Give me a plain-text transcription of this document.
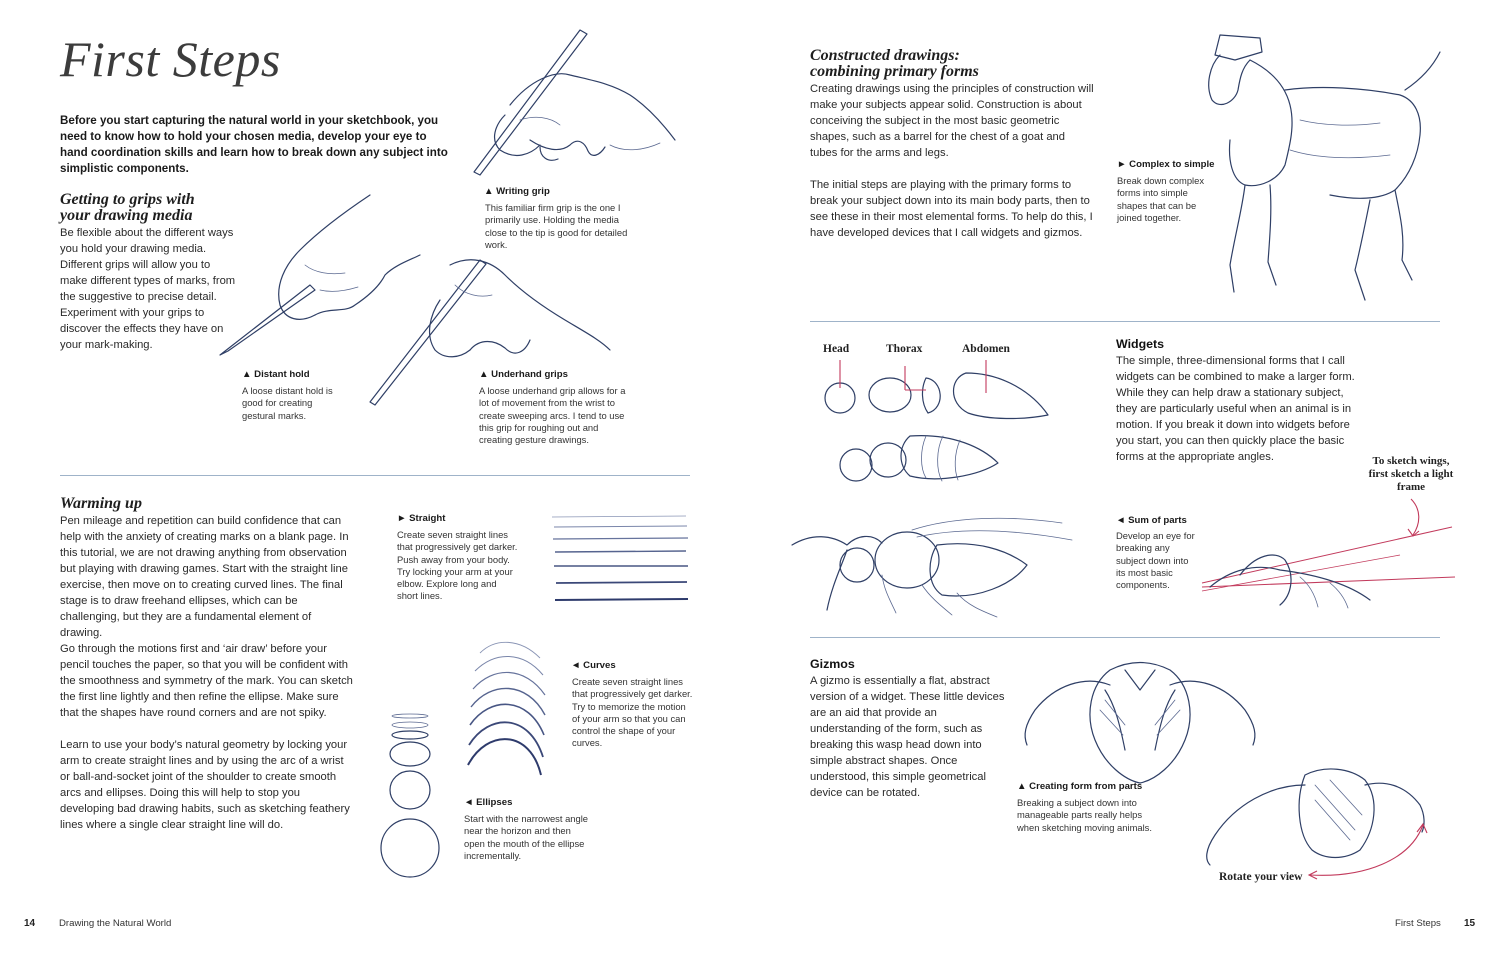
First Steps
Before you start capturing the natural world in your sketchbook, you need to know how to hold your chosen media, develop your eye to hand coordination skills and learn how to break down any subject into simplistic components.
▲ Writing grip
This familiar firm grip is the one I primarily use. Holding the media close to the tip is good for detailed work.
Getting to grips with
your drawing media
Be flexible about the different ways you hold your drawing media. Different grips will allow you to make different types of marks, from the suggestive to precise detail. Experiment with your grips to discover the effects they have on your mark-making.
▲ Distant hold
A loose distant hold is good for creating gestural marks.
▲ Underhand grips
A loose underhand grip allows for a lot of movement from the wrist to create sweeping arcs. I tend to use this grip for roughing out and creating gesture drawings.
Warming up
Pen mileage and repetition can build confidence that can help with the anxiety of creating marks on a blank page. In this tutorial, we are not drawing anything from observation but playing with drawing games. Start with the straight line exercise, then move on to creating curved lines. The final stage is to draw freehand ellipses, which can be challenging, but they are a fundamental element of drawing.
Go through the motions first and ‘air draw’ before your pencil touches the paper, so that you will be confident with the smoothness and symmetry of the mark. You can sketch the first line lightly and then refine the ellipse. Make sure that the shapes have round corners and are not spiky.
Learn to use your body’s natural geometry by locking your arm to create straight lines and by using the arc of a wrist or ball-and-socket joint of the shoulder to create smooth arcs and ellipses. Doing this will help to stop you developing bad drawing habits, such as sketching feathery lines where a single clear straight line will do.
► Straight
Create seven straight lines that progressively get darker. Push away from your body. Try locking your arm at your elbow. Explore long and short lines.
◄ Curves
Create seven straight lines that progressively get darker. Try to memorize the motion of your arm so that you can control the shape of your curves.
◄ Ellipses
Start with the narrowest angle near the horizon and then open the mouth of the ellipse incrementally.
14 Drawing the Natural World
Constructed drawings:
combining primary forms
Creating drawings using the principles of construction will make your subjects appear solid. Construction is about conceiving the subject in the most basic geometric shapes, such as a barrel for the chest of a goat and tubes for the arms and legs.
The initial steps are playing with the primary forms to break your subject down into its main body parts, then to see these in their most elemental forms. To help do this, I have developed devices that I call widgets and gizmos.
► Complex to simple
Break down complex forms into simple shapes that can be joined together.
Head	Thorax	Abdomen	Widgets
The simple, three-dimensional forms that I call widgets can be combined to make a larger form. While they can help draw a stationary subject, they are particularly useful when an animal is in motion. If you break it down into widgets before you start, you can then quickly place the basic forms at the appropriate angles.	To sketch wings, first sketch a light frame
◄ Sum of parts
Develop an eye for breaking any subject down into its most basic components.
Gizmos
A gizmo is essentially a flat, abstract version of a widget. These little devices are an aid that provide an understanding of the form, such as breaking this wasp head down into simple abstract shapes. Once understood, this simple geometrical device can be rotated.
▲ Creating form from parts
Breaking a subject down into manageable parts really helps when sketching moving animals.
Rotate your view
First Steps 15
